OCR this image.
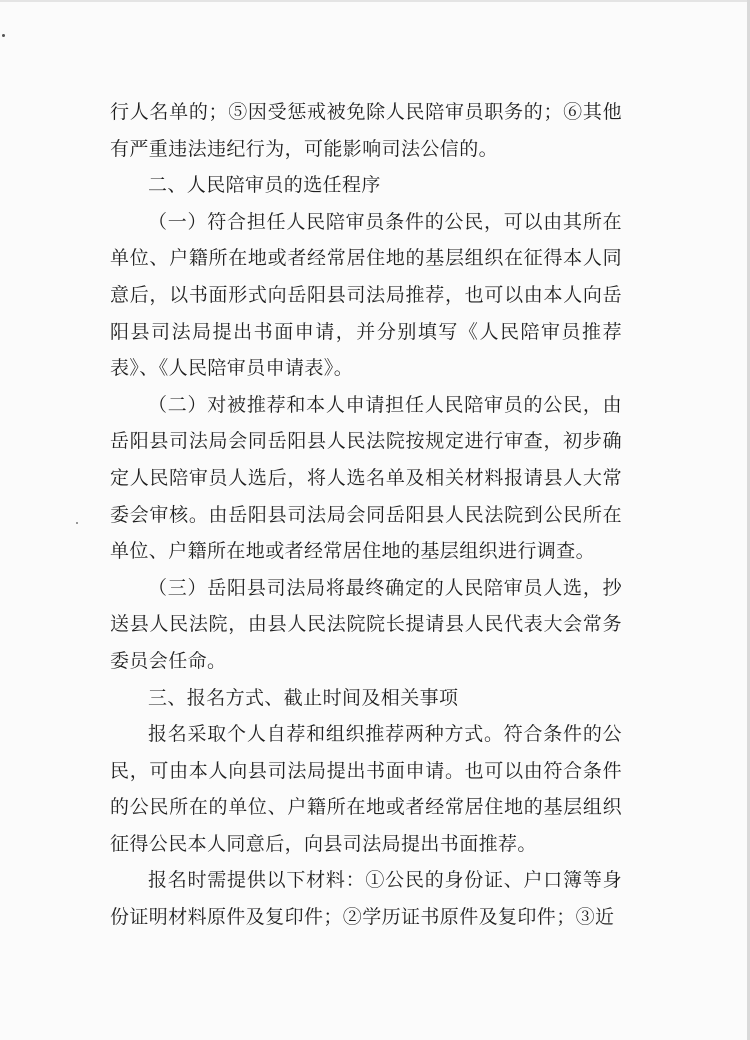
行人名单的；⑤因受惩戒被免除人民陪审员职务的；⑥其他有严重违法违纪行为，可能影响司法公信的。

二、人民陪审员的选任程序

（一）符合担任人民陪审员条件的公民，可以由其所在单位、户籍所在地或者经常居住地的基层组织在征得本人同意后，以书面形式向岳阳县司法局推荐，也可以由本人向岳阳县司法局提出书面申请，并分别填写《人民陪审员推荐表》、《人民陪审员申请表》。

（二）对被推荐和本人申请担任人民陪审员的公民，由岳阳县司法局会同岳阳县人民法院按规定进行审查，初步确定人民陪审员人选后，将人选名单及相关材料报请县人大常委会审核。由岳阳县司法局会同岳阳县人民法院到公民所在单位、户籍所在地或者经常居住地的基层组织进行调查。

（三）岳阳县司法局将最终确定的人民陪审员人选，抄送县人民法院，由县人民法院院长提请县人民代表大会常务委员会任命。

三、报名方式、截止时间及相关事项

报名采取个人自荐和组织推荐两种方式。符合条件的公民，可由本人向县司法局提出书面申请。也可以由符合条件的公民所在的单位、户籍所在地或者经常居住地的基层组织征得公民本人同意后，向县司法局提出书面推荐。

报名时需提供以下材料：①公民的身份证、户口簿等身份证明材料原件及复印件；②学历证书原件及复印件；③近
